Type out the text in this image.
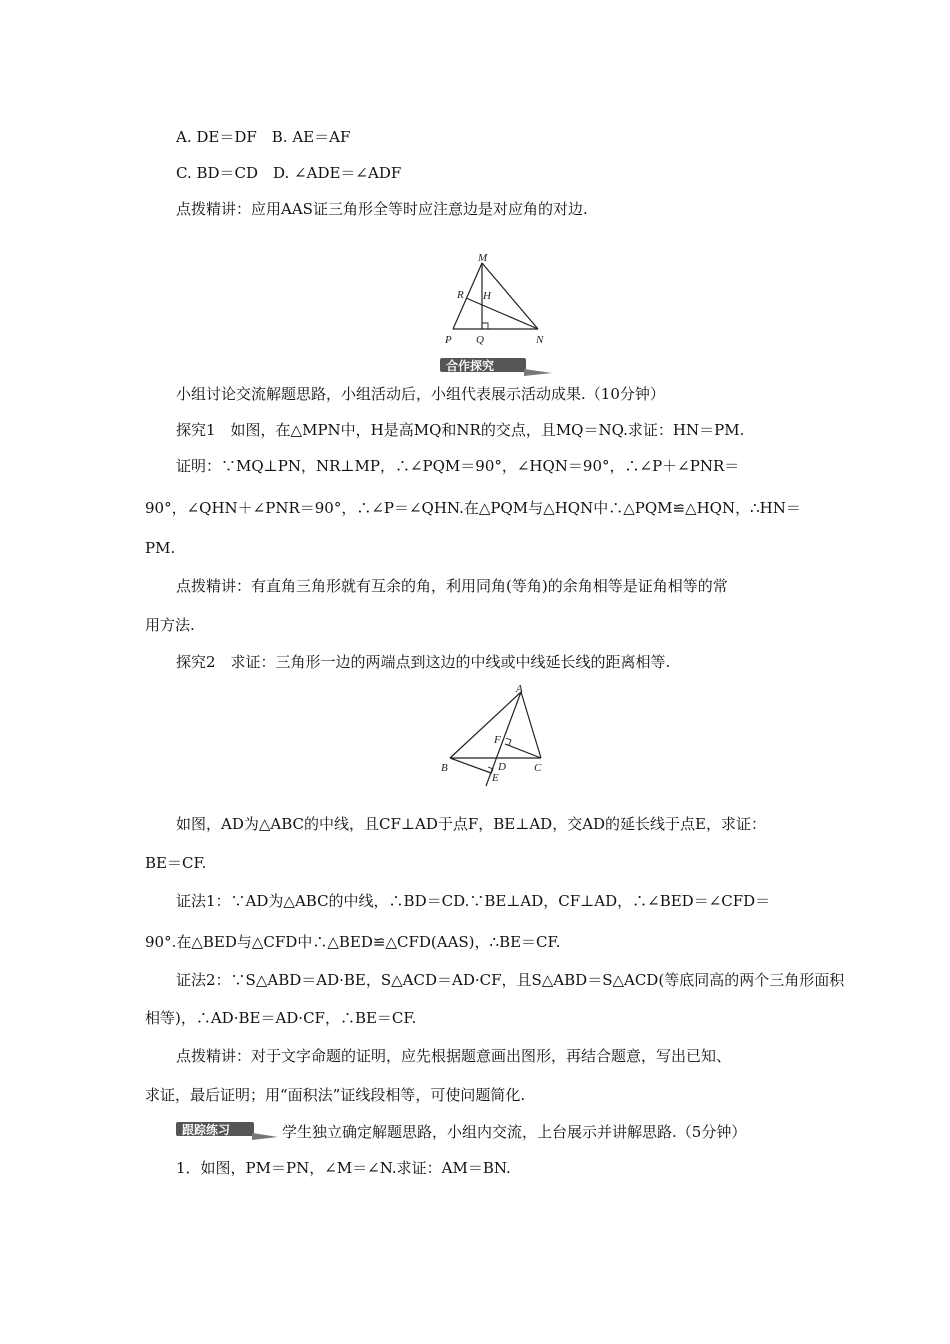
A. DE＝DF　B. AE＝AF
C. BD＝CD　D. ∠ADE＝∠ADF
点拨精讲：应用AAS证三角形全等时应注意边是对应角的对边.
M
R H
P Q	N
合作探究
小组讨论交流解题思路，小组活动后，小组代表展示活动成果.（10分钟）
探究1　如图，在△MPN中，H是高MQ和NR的交点，且MQ＝NQ.求证：HN＝PM.
证明：∵MQ⊥PN，NR⊥MP，∴∠PQM＝90°，∠HQN＝90°，∴∠P＋∠PNR＝
90°，∠QHN＋∠PNR＝90°，∴∠P＝∠QHN.在△PQM与△HQN中∴△PQM≌△HQN，∴HN＝
PM.
点拨精讲：有直角三角形就有互余的角，利用同角(等角)的余角相等是证角相等的常
用方法.
探究2　求证：三角形一边的两端点到这边的中线或中线延长线的距离相等.
A
F
B	D	C
E
如图，AD为△ABC的中线，且CF⊥AD于点F，BE⊥AD，交AD的延长线于点E，求证：
BE＝CF.
证法1：∵AD为△ABC的中线，∴BD＝CD.∵BE⊥AD，CF⊥AD，∴∠BED＝∠CFD＝
90°.在△BED与△CFD中∴△BED≌△CFD(AAS)，∴BE＝CF.
证法2：∵S△ABD＝AD·BE，S△ACD＝AD·CF，且S△ABD＝S△ACD(等底同高的两个三角形面积
相等)，∴AD·BE＝AD·CF，∴BE＝CF.
点拨精讲：对于文字命题的证明，应先根据题意画出图形，再结合题意，写出已知、
求证，最后证明；用“面积法”证线段相等，可使问题简化.
跟踪练习	学生独立确定解题思路，小组内交流，上台展示并讲解思路.（5分钟）
1．如图，PM＝PN，∠M＝∠N.求证：AM＝BN.
